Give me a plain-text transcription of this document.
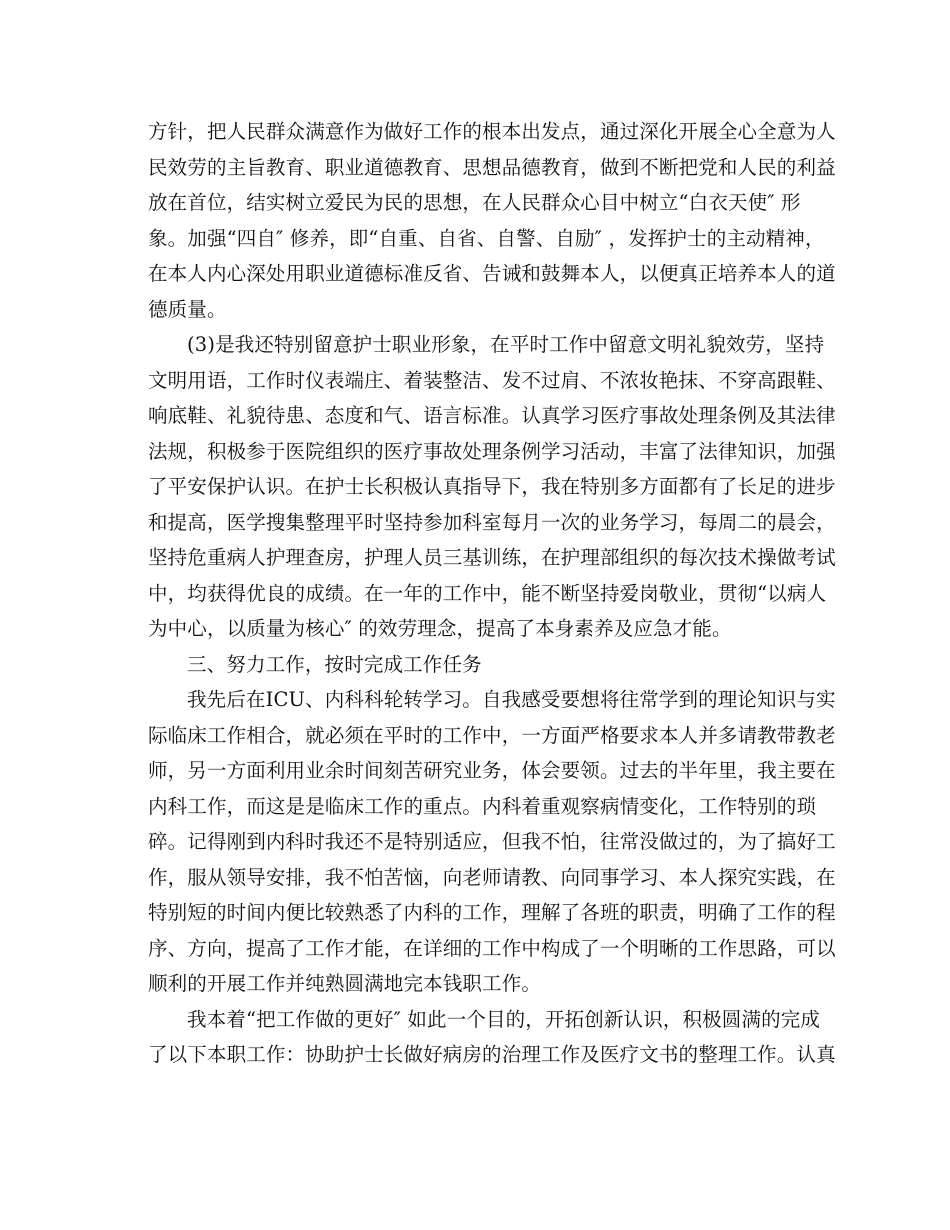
方针，把人民群众满意作为做好工作的根本出发点，通过深化开展全心全意为人
民效劳的主旨教育、职业道德教育、思想品德教育，做到不断把党和人民的利益
放在首位，结实树立爱民为民的思想，在人民群众心目中树立“白衣天使″ 形
象。加强“四自″ 修养，即“自重、自省、自警、自励″ ，发挥护士的主动精神，
在本人内心深处用职业道德标准反省、告诫和鼓舞本人，以便真正培养本人的道
德质量。
(3)是我还特别留意护士职业形象，在平时工作中留意文明礼貌效劳，坚持
文明用语，工作时仪表端庄、着装整洁、发不过肩、不浓妆艳抹、不穿高跟鞋、
响底鞋、礼貌待患、态度和气、语言标准。认真学习医疗事故处理条例及其法律
法规，积极参于医院组织的医疗事故处理条例学习活动，丰富了法律知识，加强
了平安保护认识。在护士长积极认真指导下，我在特别多方面都有了长足的进步
和提高，医学搜集整理平时坚持参加科室每月一次的业务学习，每周二的晨会，
坚持危重病人护理查房，护理人员三基训练，在护理部组织的每次技术操做考试
中，均获得优良的成绩。在一年的工作中，能不断坚持爱岗敬业，贯彻“以病人
为中心，以质量为核心″ 的效劳理念，提高了本身素养及应急才能。
三、努力工作，按时完成工作任务
我先后在ICU、内科科轮转学习。自我感受要想将往常学到的理论知识与实
际临床工作相合，就必须在平时的工作中，一方面严格要求本人并多请教带教老
师，另一方面利用业余时间刻苦研究业务，体会要领。过去的半年里，我主要在
内科工作，而这是是临床工作的重点。内科着重观察病情变化，工作特别的琐
碎。记得刚到内科时我还不是特别适应，但我不怕，往常没做过的，为了搞好工
作，服从领导安排，我不怕苦恼，向老师请教、向同事学习、本人探究实践，在
特别短的时间内便比较熟悉了内科的工作，理解了各班的职责，明确了工作的程
序、方向，提高了工作才能，在详细的工作中构成了一个明晰的工作思路，可以
顺利的开展工作并纯熟圆满地完本钱职工作。
我本着“把工作做的更好″ 如此一个目的，开拓创新认识，积极圆满的完成
了以下本职工作：协助护士长做好病房的治理工作及医疗文书的整理工作。认真
